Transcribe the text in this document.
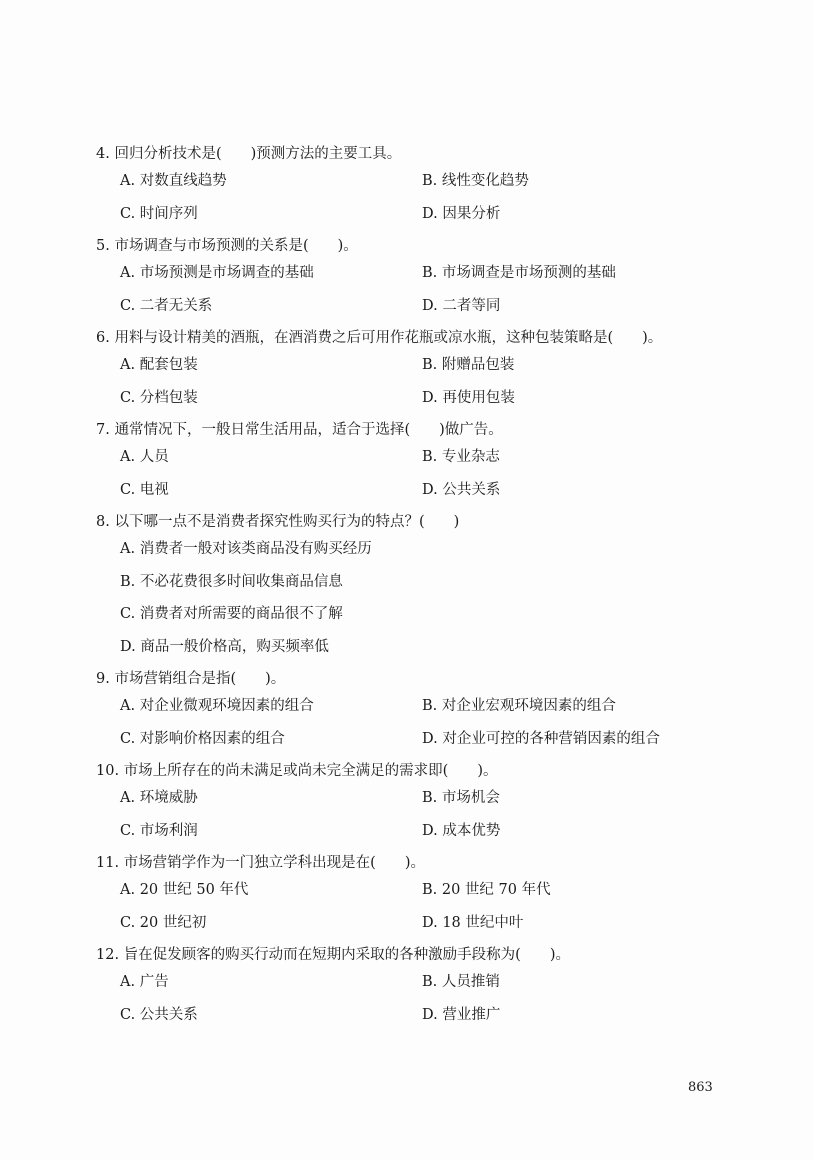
4. 回归分析技术是(　　)预测方法的主要工具。
A. 对数直线趋势	B. 线性变化趋势
C. 时间序列	D. 因果分析
5. 市场调查与市场预测的关系是(　　)。
A. 市场预测是市场调查的基础	B. 市场调查是市场预测的基础
C. 二者无关系	D. 二者等同
6. 用料与设计精美的酒瓶，在酒消费之后可用作花瓶或凉水瓶，这种包装策略是(　　)。
A. 配套包装	B. 附赠品包装
C. 分档包装	D. 再使用包装
7. 通常情况下，一般日常生活用品，适合于选择(　　)做广告。
A. 人员	B. 专业杂志
C. 电视	D. 公共关系
8. 以下哪一点不是消费者探究性购买行为的特点？(　　)
A. 消费者一般对该类商品没有购买经历
B. 不必花费很多时间收集商品信息
C. 消费者对所需要的商品很不了解
D. 商品一般价格高，购买频率低
9. 市场营销组合是指(　　)。
A. 对企业微观环境因素的组合	B. 对企业宏观环境因素的组合
C. 对影响价格因素的组合	D. 对企业可控的各种营销因素的组合
10. 市场上所存在的尚未满足或尚未完全满足的需求即(　　)。
A. 环境威胁	B. 市场机会
C. 市场利润	D. 成本优势
11. 市场营销学作为一门独立学科出现是在(　　)。
A. 20 世纪 50 年代	B. 20 世纪 70 年代
C. 20 世纪初	D. 18 世纪中叶
12. 旨在促发顾客的购买行动而在短期内采取的各种激励手段称为(　　)。
A. 广告	B. 人员推销
C. 公共关系	D. 营业推广
863
